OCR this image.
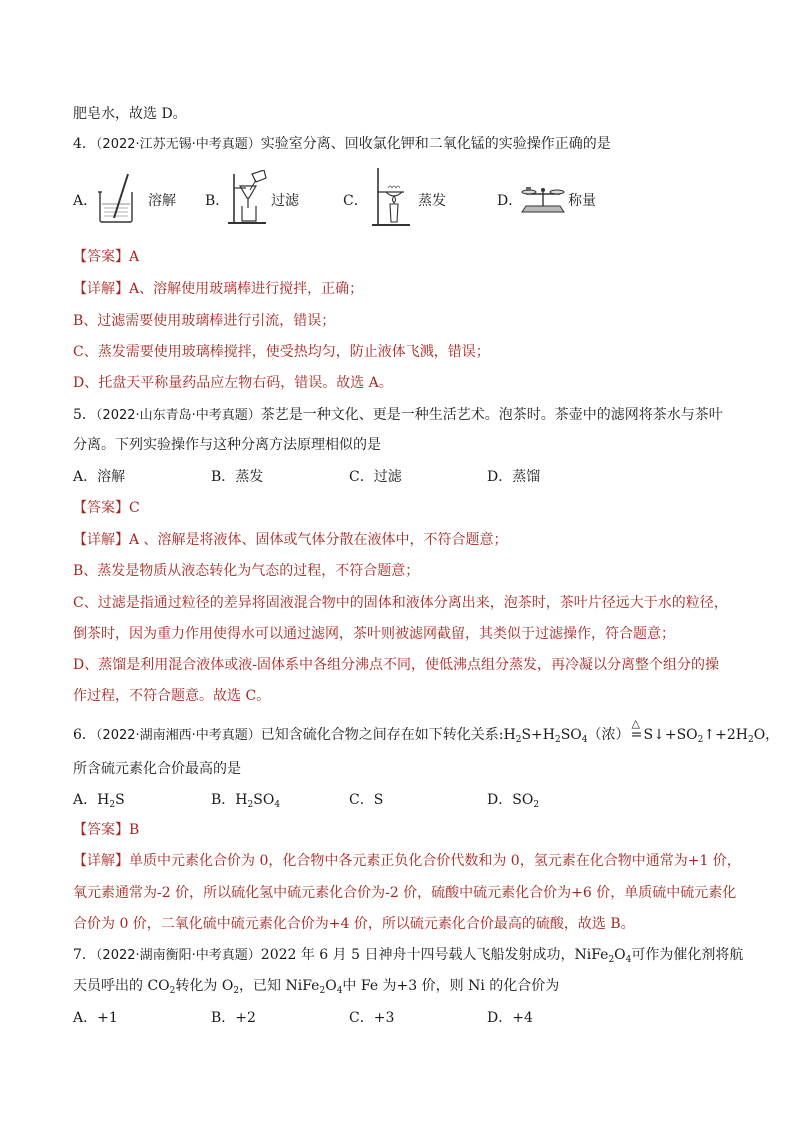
肥皂水，故选 D。
4．（2022·江苏无锡·中考真题）实验室分离、回收氯化钾和二氧化锰的实验操作正确的是
A．	溶解 B．	过滤	C．	蒸发	D．	称量
【答案】A
【详解】A、溶解使用玻璃棒进行搅拌，正确；
B、过滤需要使用玻璃棒进行引流，错误；
C、蒸发需要使用玻璃棒搅拌，使受热均匀，防止液体飞溅，错误；
D、托盘天平称量药品应左物右码，错误。故选 A。
5．（2022·山东青岛·中考真题）茶艺是一种文化、更是一种生活艺术。泡茶时。茶壶中的滤网将茶水与茶叶
分离。下列实验操作与这种分离方法原理相似的是
A．溶解	B．蒸发	C．过滤	D．蒸馏
【答案】C
【详解】A 、溶解是将液体、固体或气体分散在液体中，不符合题意；
B、蒸发是物质从液态转化为气态的过程，不符合题意；
C、过滤是指通过粒径的差异将固液混合物中的固体和液体分离出来，泡茶时，茶叶片径远大于水的粒径，
倒茶时，因为重力作用使得水可以通过滤网，茶叶则被滤网截留，其类似于过滤操作，符合题意；
D、蒸馏是利用混合液体或液-固体系中各组分沸点不同，使低沸点组分蒸发，再冷凝以分离整个组分的操
作过程，不符合题意。故选 C。
6．（2022·湖南湘西·中考真题）已知含硫化合物之间存在如下转化关系$:H_2S+H_2SO_4$（浓）
△
$=S↓+SO_2↑+2H_2O$，
所含硫元素化合价最高的是
A．$H_2S$	B．$H_2SO_4$	C．S	D．$SO_2$
【答案】B
【详解】单质中元素化合价为 0，化合物中各元素正负化合价代数和为 0，氢元素在化合物中通常为+1 价，
氧元素通常为-2 价，所以硫化氢中硫元素化合价为-2 价，硫酸中硫元素化合价为+6 价，单质硫中硫元素化
合价为 0 价，二氧化硫中硫元素化合价为+4 价，所以硫元素化合价最高的硫酸，故选 B。
7．（2022·湖南衡阳·中考真题）2022 年 6 月 5 日神舟十四号载人飞船发射成功，$NiFe_2O_4$可作为催化剂将航
天员呼出的 $CO_2$转化为 $O_2$，已知 $NiFe_2O_4$中 Fe 为+3 价，则 Ni 的化合价为
A．+1	B．+2	C．+3	D．+4
